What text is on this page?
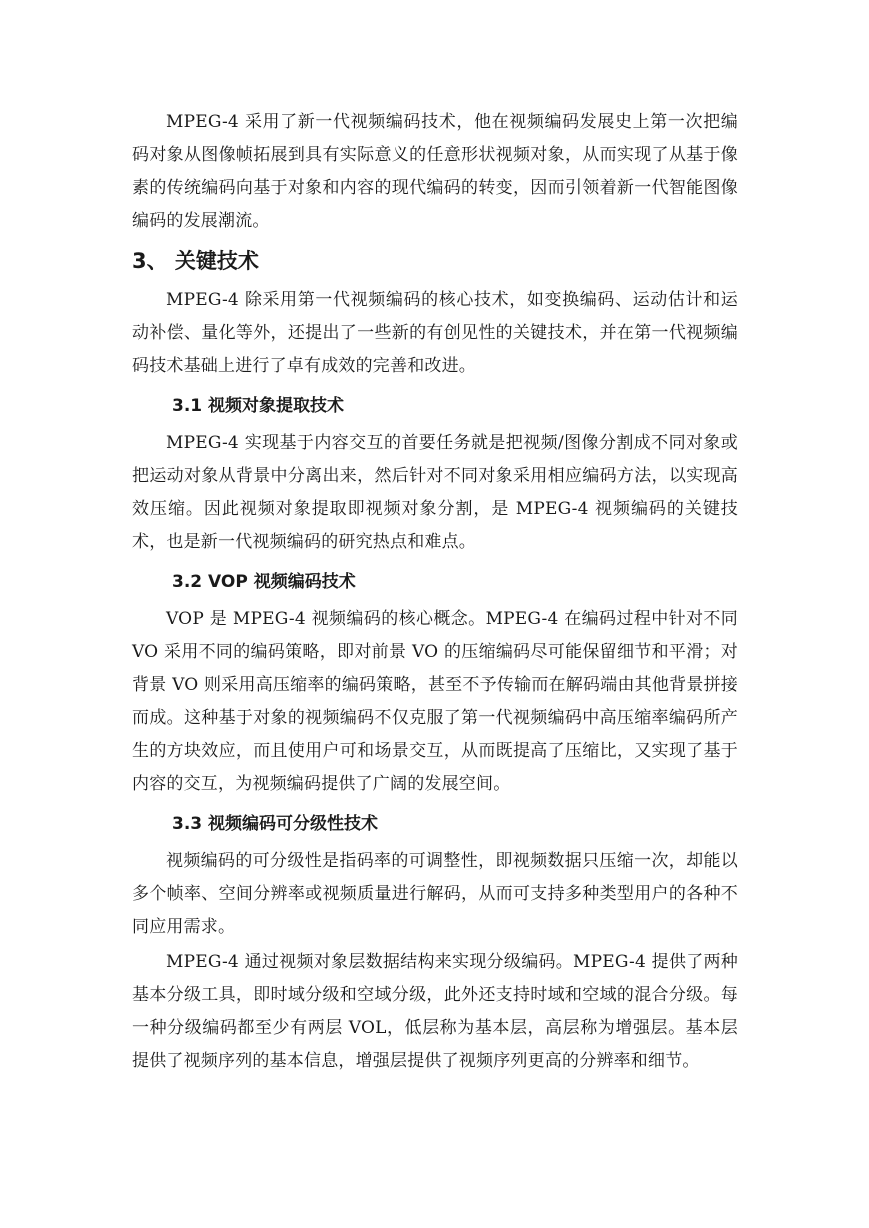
MPEG-4 采用了新一代视频编码技术，他在视频编码发展史上第一次把编码对象从图像帧拓展到具有实际意义的任意形状视频对象，从而实现了从基于像素的传统编码向基于对象和内容的现代编码的转变，因而引领着新一代智能图像编码的发展潮流。

3、 关键技术

MPEG-4 除采用第一代视频编码的核心技术，如变换编码、运动估计和运动补偿、量化等外，还提出了一些新的有创见性的关键技术，并在第一代视频编码技术基础上进行了卓有成效的完善和改进。

3.1 视频对象提取技术

MPEG-4 实现基于内容交互的首要任务就是把视频/图像分割成不同对象或把运动对象从背景中分离出来，然后针对不同对象采用相应编码方法，以实现高效压缩。因此视频对象提取即视频对象分割，是 MPEG-4 视频编码的关键技术，也是新一代视频编码的研究热点和难点。

3.2 VOP 视频编码技术

VOP 是 MPEG-4 视频编码的核心概念。MPEG-4 在编码过程中针对不同 VO 采用不同的编码策略，即对前景 VO 的压缩编码尽可能保留细节和平滑；对背景 VO 则采用高压缩率的编码策略，甚至不予传输而在解码端由其他背景拼接而成。这种基于对象的视频编码不仅克服了第一代视频编码中高压缩率编码所产生的方块效应，而且使用户可和场景交互，从而既提高了压缩比，又实现了基于内容的交互，为视频编码提供了广阔的发展空间。

3.3 视频编码可分级性技术

视频编码的可分级性是指码率的可调整性，即视频数据只压缩一次，却能以多个帧率、空间分辨率或视频质量进行解码，从而可支持多种类型用户的各种不同应用需求。

MPEG-4 通过视频对象层数据结构来实现分级编码。MPEG-4 提供了两种基本分级工具，即时域分级和空域分级，此外还支持时域和空域的混合分级。每一种分级编码都至少有两层 VOL，低层称为基本层，高层称为增强层。基本层提供了视频序列的基本信息，增强层提供了视频序列更高的分辨率和细节。
